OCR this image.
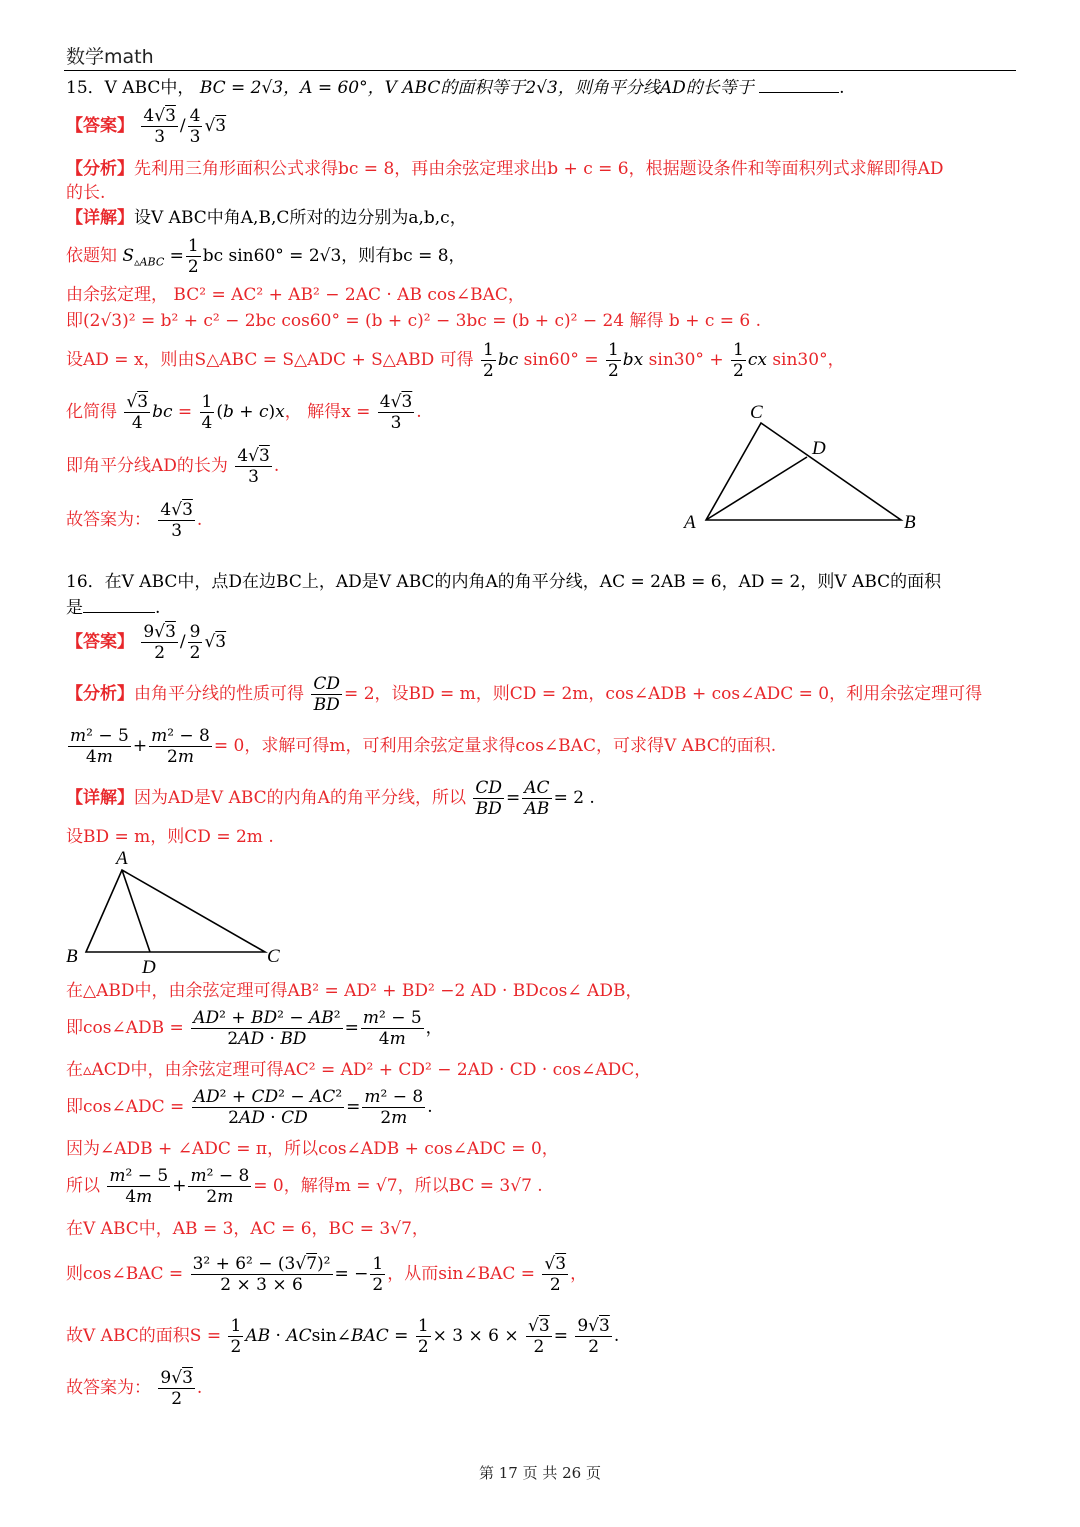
数学math
15．V ABC中， BC = 2√3，A = 60°，V ABC的面积等于2√3，则角平分线AD的长等于	.
【答案】 $\frac{4√3}{3} / \frac{4}{3} √3$
【分析】先利用三角形面积公式求得bc = 8，再由余弦定理求出b + c = 6，根据题设条件和等面积列式求解即得AD
的长.
【详解】设V ABC中角A,B,C所对的边分别为a,b,c，
依题知 $S_{▵ABC} = \frac{1}{2}$ bc sin60° = 2√3，则有bc = 8，
由余弦定理， BC² = AC² + AB² − 2AC · AB cos∠BAC，
即(2√3)² = b² + c² − 2bc cos60° = (b + c)² − 3bc = (b + c)² − 24 解得 b + c = 6 .
设AD = x，则由S△ABC = S△ADC + S△ABD 可得 $\frac{1}{2}$ bc $\sin 60^\circ = \frac{1}{2}$ bx $\sin 30^\circ + \frac{1}{2}$ cx sin30°，
化简得 $\frac{√3}{4}$ bc = $\frac{1}{4} (b + c)x$， 解得$x = \frac{4√3}{3}$ .
即角平分线AD的长为 $\frac{4√3}{3}$ .
故答案为： $\frac{4√3}{3}$ .
C
D
A	B
16．在V ABC中，点D在边BC上，AD是V ABC的内角A的角平分线，AC = 2AB = 6，AD = 2，则V ABC的面积
是	.
【答案】 $\frac{9√3}{2} / \frac{9}{2} √3$
【分析】由角平分线的性质可得 $\frac{CD}{BD} = 2$，设BD = m，则CD = 2m，cos∠ADB + cos∠ADC = 0，利用余弦定理可得
$\frac{\text{m² − 5}}{4m} + \frac{\text{m² − 8}}{2m} = 0$，求解可得m，可利用余弦定量求得cos∠BAC，可求得V ABC的面积.
【详解】因为AD是V ABC的内角A的角平分线，所以 $\frac{CD}{BD} = \frac{AC}{AB} = 2$ .
设BD = m，则CD = 2m .
A
B
D
C
在△ABD中，由余弦定理可得AB² = AD² + BD² −2 AD · BDcos∠ ADB，
即cos∠ADB = $\frac{\text{AD² + BD² − AB²}}{2AD \cdot BD} = \frac{\text{m² − 5}}{4m}$ ，
在▵ACD中，由余弦定理可得AC² = AD² + CD² − 2AD · CD · cos∠ADC，
即cos∠ADC = $\frac{\text{AD² + CD² − AC²}}{2AD \cdot CD} = \frac{\text{m² − 8}}{2m}$ .
因为∠ADB + ∠ADC = π，所以cos∠ADB + cos∠ADC = 0，
所以 $\frac{\text{m² − 5}}{4m} + \frac{\text{m² − 8}}{2m} = 0$，解得m = √7，所以BC = 3√7 .
在V ABC中，AB = 3，AC = 6，BC = 3√7，
则cos∠BAC = $\frac{\text{3² + 6² − (3√7)²}}{2 \times 3 \times 6}$ = − $\frac{1}{2}$ ，从而sin∠BAC = $\frac{√3}{2}$ ，
故V ABC的面积$S = \frac{1}{2}$ AB · ACsin∠BAC = $\frac{1}{2} \times 3 \times 6 \times \frac{√3}{2} = \frac{9√3}{2}$ .
故答案为： $\frac{9√3}{2}$ .
第 17 页 共 26 页
